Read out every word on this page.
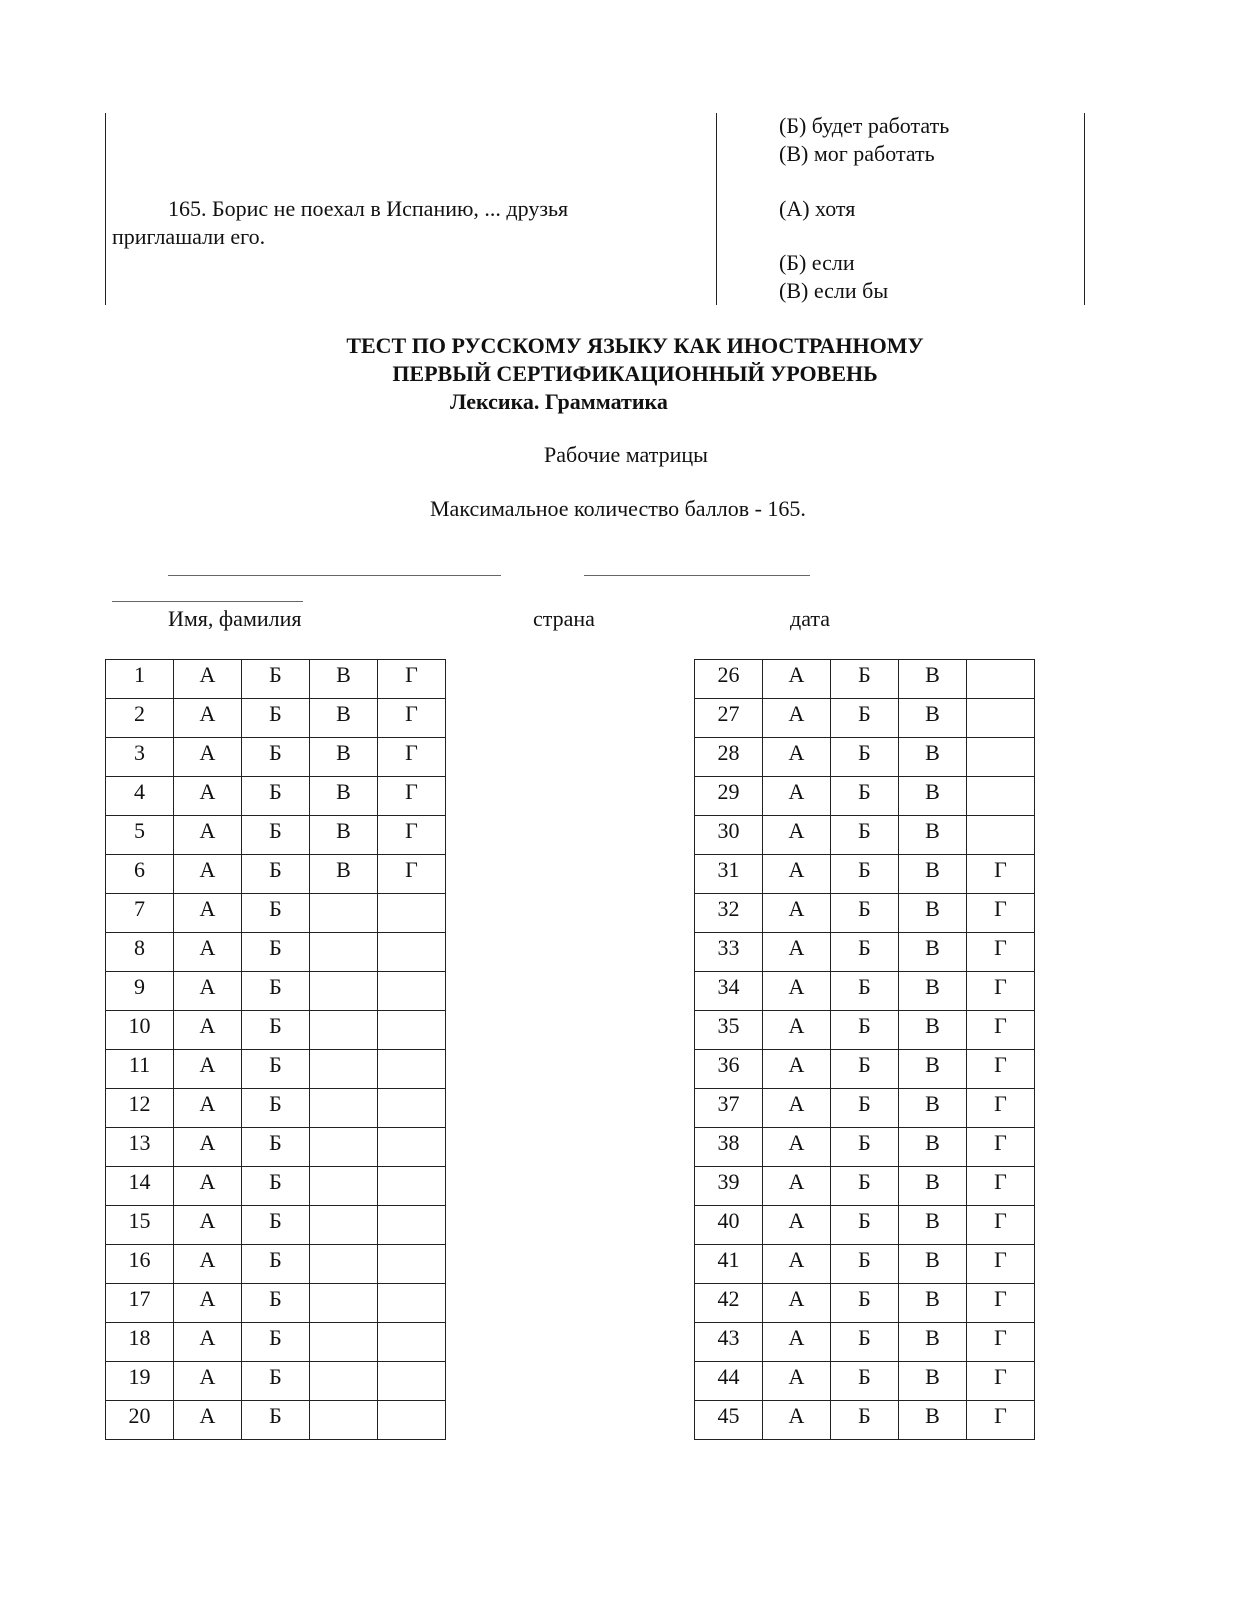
(Б) будет работать
(В) мог работать
165. Борис не поехал в Испанию, ... друзья
приглашали его.
(А) хотя
(Б) если
(В) если бы
ТЕСТ ПО РУССКОМУ ЯЗЫКУ КАК ИНОСТРАННОМУ
ПЕРВЫЙ СЕРТИФИКАЦИОННЫЙ УРОВЕНЬ
Лексика. Грамматика
Рабочие матрицы
Максимальное количество баллов - 165.
Имя, фамилия	страна	дата
1	А	Б	В	Г
2	А	Б	В	Г
3	А	Б	В	Г
4	А	Б	В	Г
5	А	Б	В	Г
6	А	Б	В	Г
7	А	Б		
8	А	Б		
9	А	Б		
10	А	Б		
11	А	Б		
12	А	Б		
13	А	Б		
14	А	Б		
15	А	Б		
16	А	Б		
17	А	Б		
18	А	Б		
19	А	Б		
20	А	Б		
26	А	Б	В	
27	А	Б	В	
28	А	Б	В	
29	А	Б	В	
30	А	Б	В	
31	А	Б	В	Г
32	А	Б	В	Г
33	А	Б	В	Г
34	А	Б	В	Г
35	А	Б	В	Г
36	А	Б	В	Г
37	А	Б	В	Г
38	А	Б	В	Г
39	А	Б	В	Г
40	А	Б	В	Г
41	А	Б	В	Г
42	А	Б	В	Г
43	А	Б	В	Г
44	А	Б	В	Г
45	А	Б	В	Г
